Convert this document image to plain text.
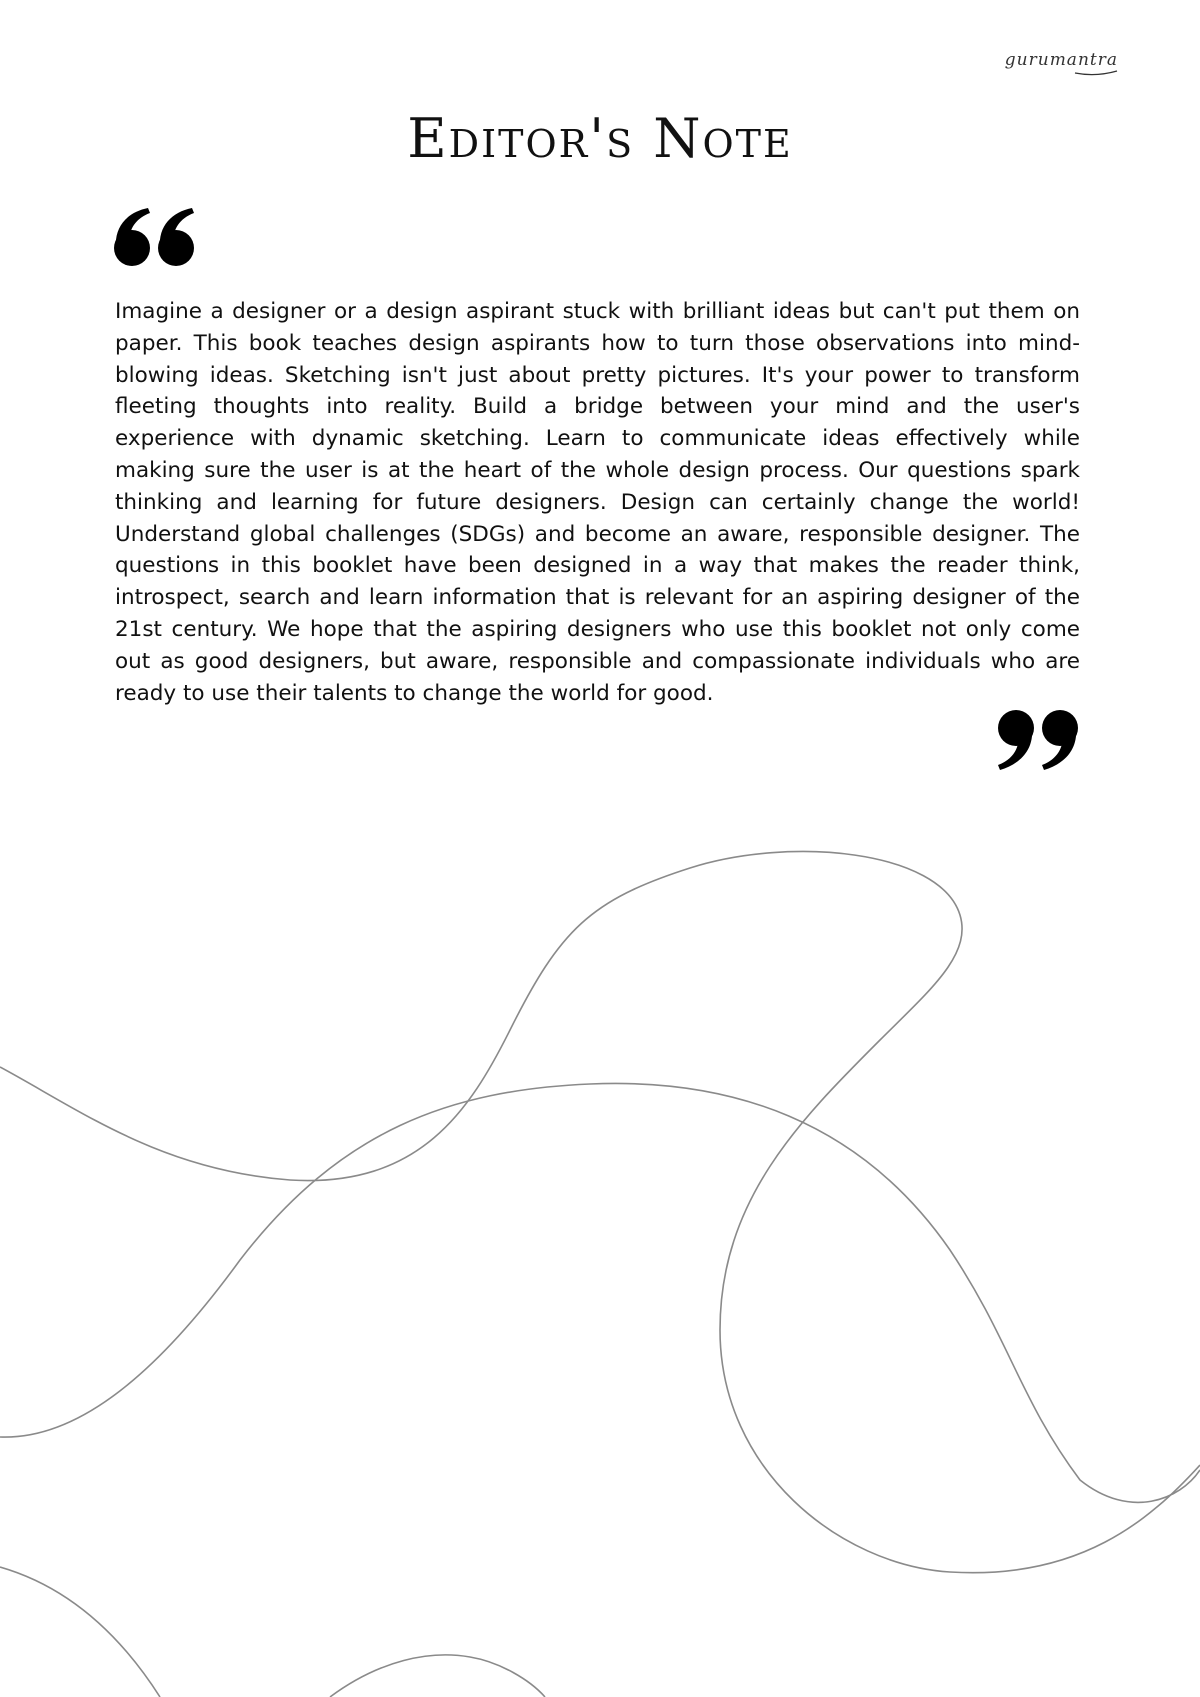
gurumantra
Editor's Note

Imagine a designer or a design aspirant stuck with brilliant ideas but can't put them on paper. This book teaches design aspirants how to turn those observations into mind-blowing ideas. Sketching isn't just about pretty pictures. It's your power to transform fleeting thoughts into reality. Build a bridge between your mind and the user's experience with dynamic sketching. Learn to communicate ideas effectively while making sure the user is at the heart of the whole design process. Our questions spark thinking and learning for future designers. Design can certainly change the world! Understand global challenges (SDGs) and become an aware, responsible designer. The questions in this booklet have been designed in a way that makes the reader think, introspect, search and learn information that is relevant for an aspiring designer of the 21st century. We hope that the aspiring designers who use this booklet not only come out as good designers, but aware, responsible and compassionate individuals who are ready to use their talents to change the world for good.
